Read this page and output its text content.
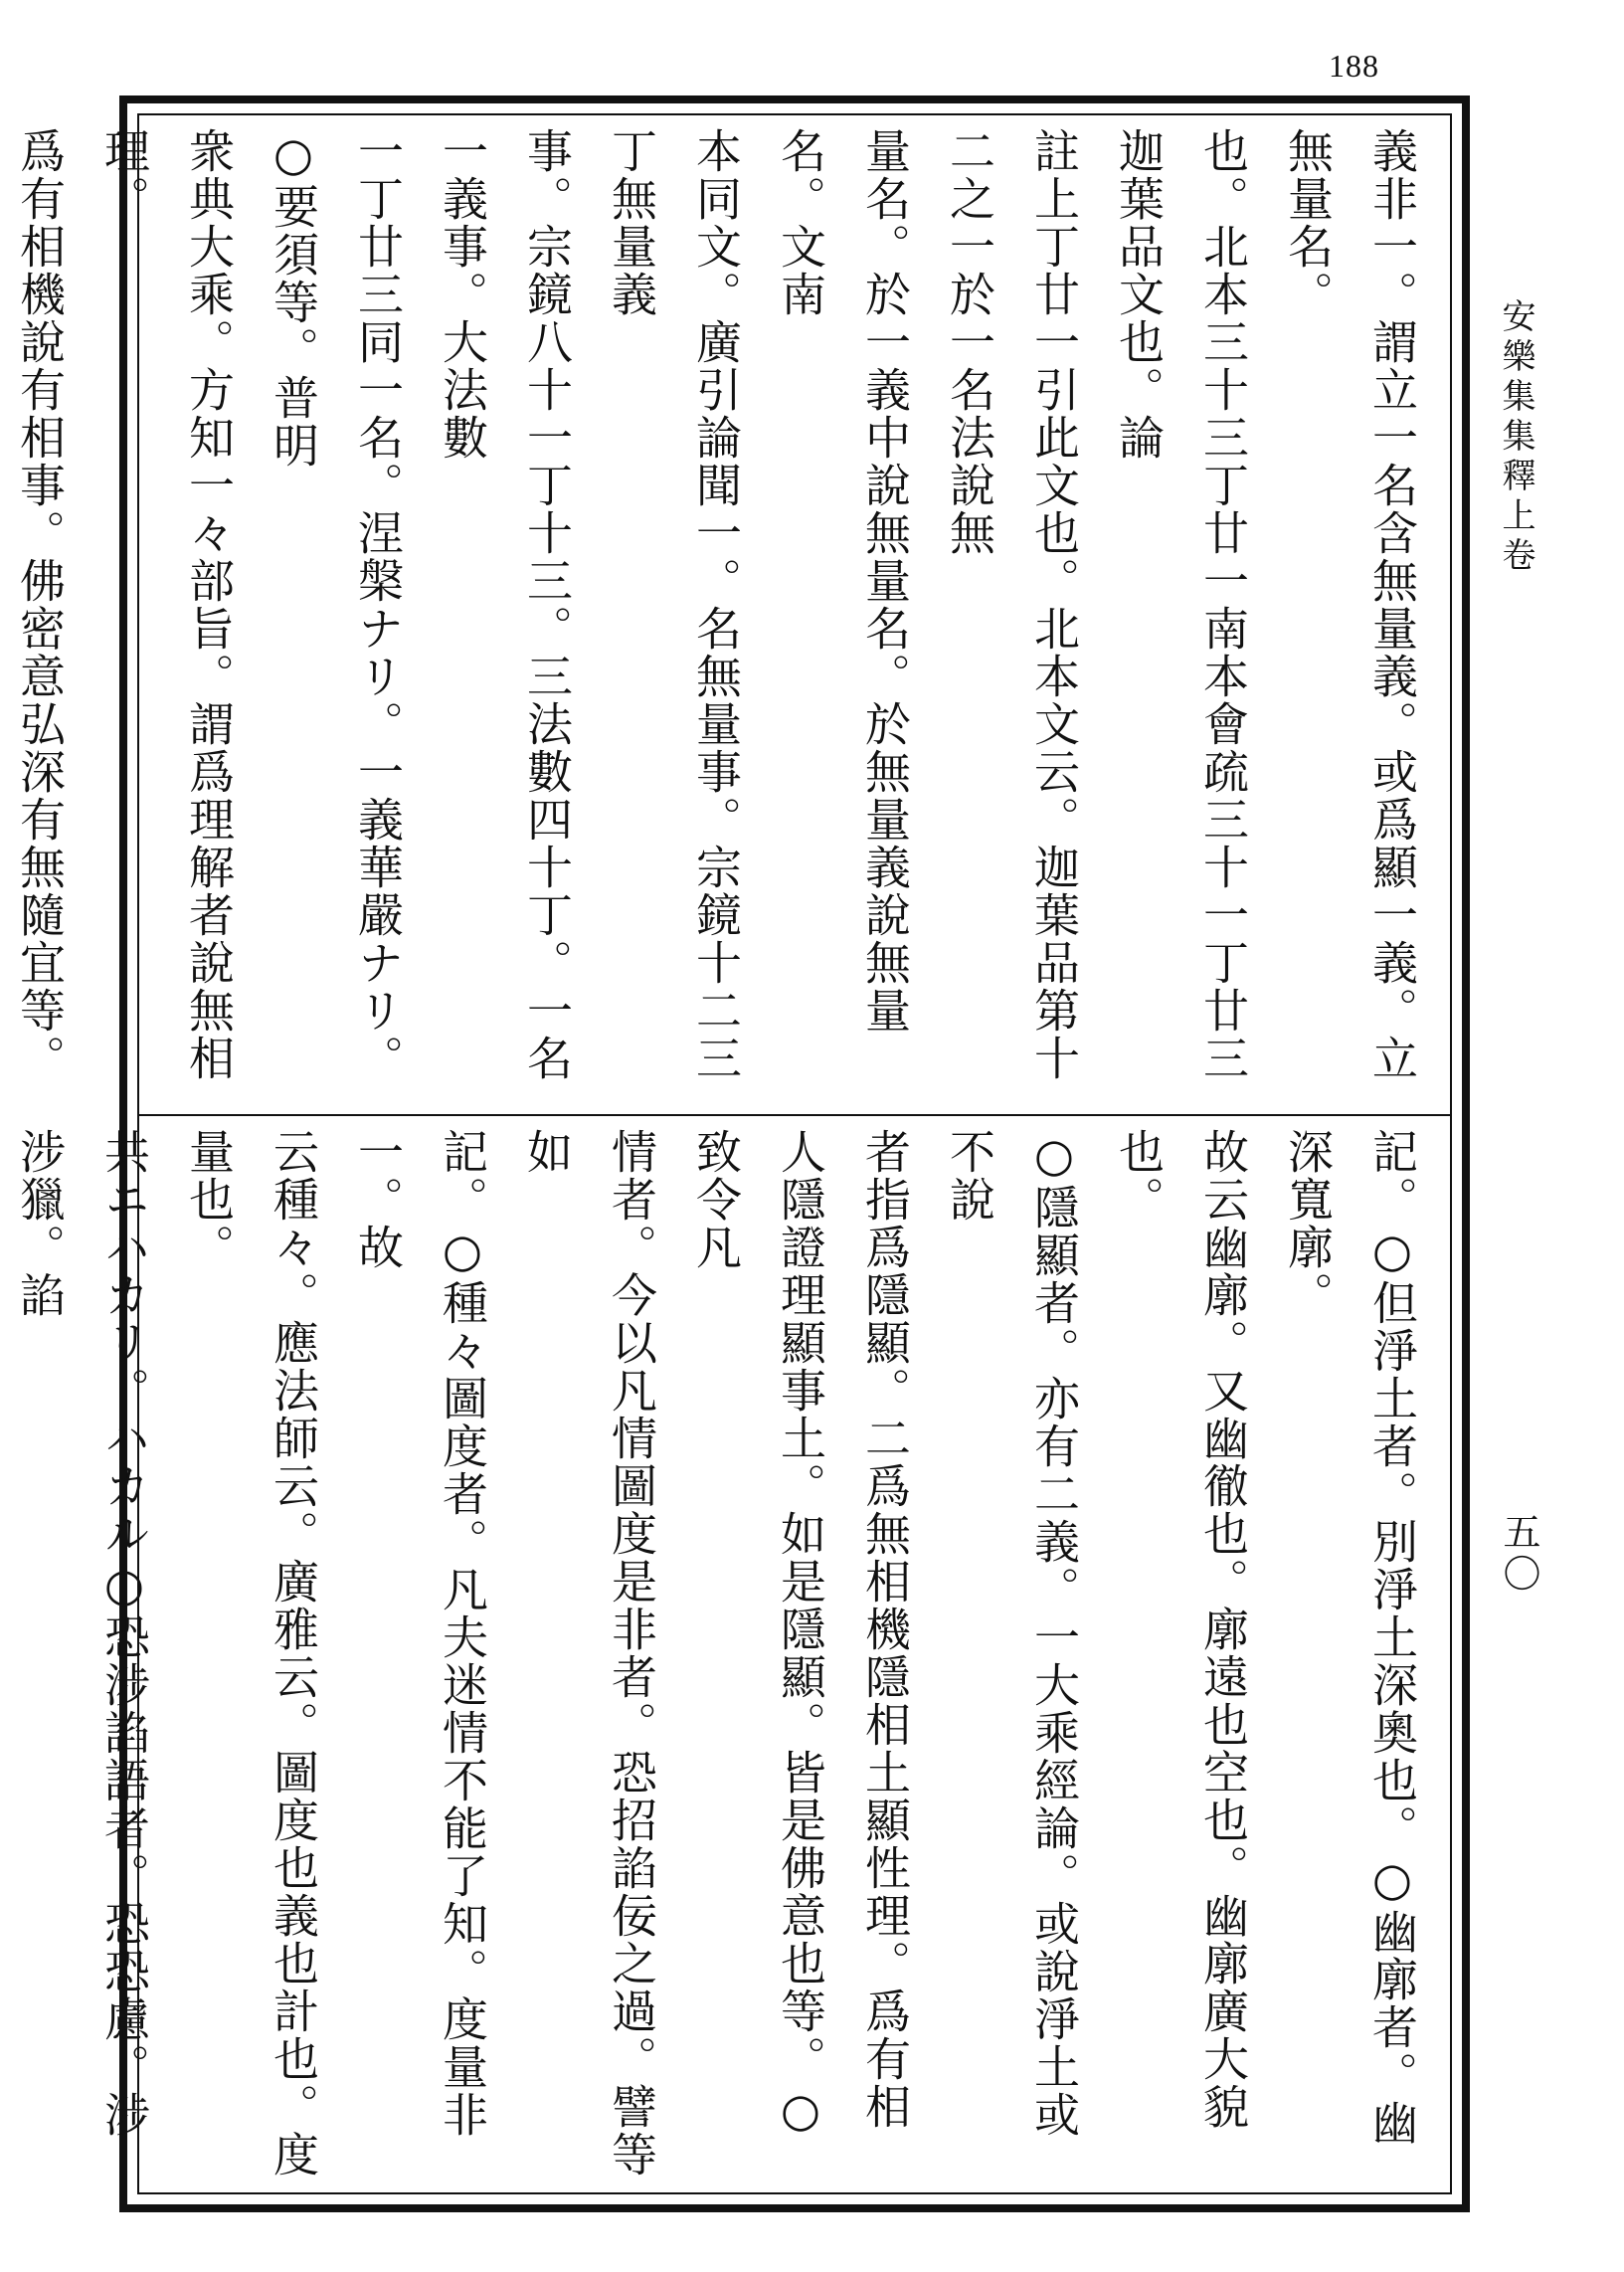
188
義非一。謂立一名含無量義。或爲顯一義。立無量名。
也。北本三十三丁廿一南本會疏三十一丁廿三迦葉品文也。論
註上丁廿一引此文也。北本文云。迦葉品第十二之一於一名法說無
量名。於一義中說無量名。於無量義說無量名。文南
本同文。廣引論聞一。名無量事。宗鏡十二三丁無量義
事。宗鏡八十一丁十三。三法數四十丁。一名一義事。大法數
一丁廿三同一名。涅槃ナリ。一義華嚴ナリ。○要須等。普明
衆典大乘。方知一々部旨。謂爲理解者說無相理。
爲有相機說有相事。佛密意弘深有無隨宜等。
記。○但淨土者。別淨土深奧也。○幽廓者。幽深寬廓。
故云幽廓。又幽徹也。廓遠也空也。幽廓廣大貌也。
○隱顯者。亦有二義。一大乘經論。或說淨土或不說
者指爲隱顯。二爲無相機隱相土顯性理。爲有相
人隱證理顯事土。如是隱顯。皆是佛意也等。○致令凡
情者。今以凡情圖度是非者。恐招諂佞之過。譬等如
記。○種々圖度者。凡夫迷情不能了知。度量非一。故
云種々。應法師云。廣雅云。圖度也義也計也。度量也。
共ニハカリ。ハカル○恐涉諂語者。恐恐慮。涉涉獵。諂
安樂集集釋上卷
五〇
